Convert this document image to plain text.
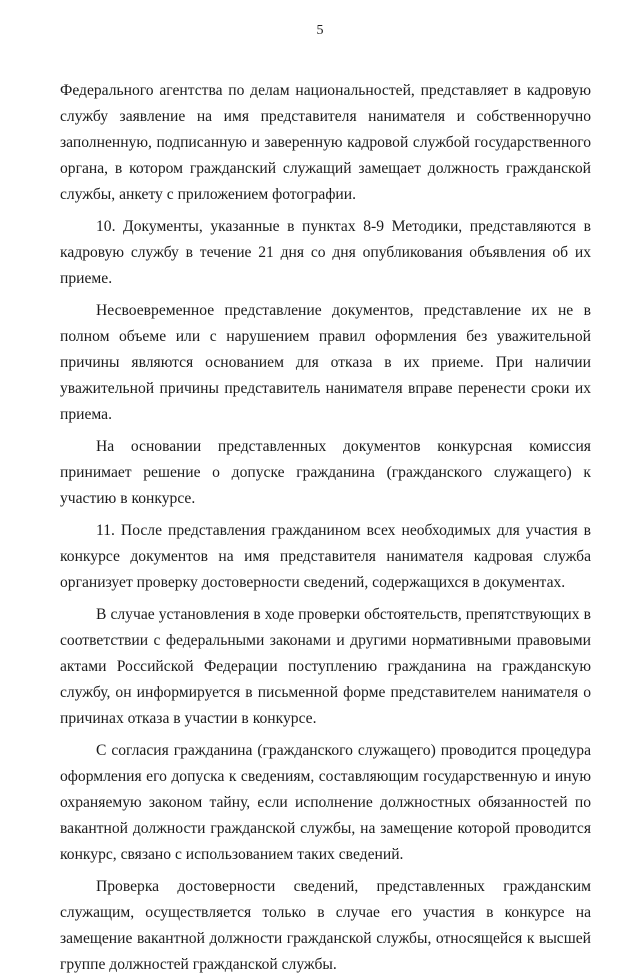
5

Федерального агентства по делам национальностей, представляет в кадровую службу заявление на имя представителя нанимателя и собственноручно заполненную, подписанную и заверенную кадровой службой государственного органа, в котором гражданский служащий замещает должность гражданской службы, анкету с приложением фотографии.

10. Документы, указанные в пунктах 8-9 Методики, представляются в кадровую службу в течение 21 дня со дня опубликования объявления об их приеме.

Несвоевременное представление документов, представление их не в полном объеме или с нарушением правил оформления без уважительной причины являются основанием для отказа в их приеме. При наличии уважительной причины представитель нанимателя вправе перенести сроки их приема.

На основании представленных документов конкурсная комиссия принимает решение о допуске гражданина (гражданского служащего) к участию в конкурсе.

11. После представления гражданином всех необходимых для участия в конкурсе документов на имя представителя нанимателя кадровая служба организует проверку достоверности сведений, содержащихся в документах.

В случае установления в ходе проверки обстоятельств, препятствующих в соответствии с федеральными законами и другими нормативными правовыми актами Российской Федерации поступлению гражданина на гражданскую службу, он информируется в письменной форме представителем нанимателя о причинах отказа в участии в конкурсе.

С согласия гражданина (гражданского служащего) проводится процедура оформления его допуска к сведениям, составляющим государственную и иную охраняемую законом тайну, если исполнение должностных обязанностей по вакантной должности гражданской службы, на замещение которой проводится конкурс, связано с использованием таких сведений.

Проверка достоверности сведений, представленных гражданским служащим, осуществляется только в случае его участия в конкурсе на замещение вакантной должности гражданской службы, относящейся к высшей группе должностей гражданской службы.
